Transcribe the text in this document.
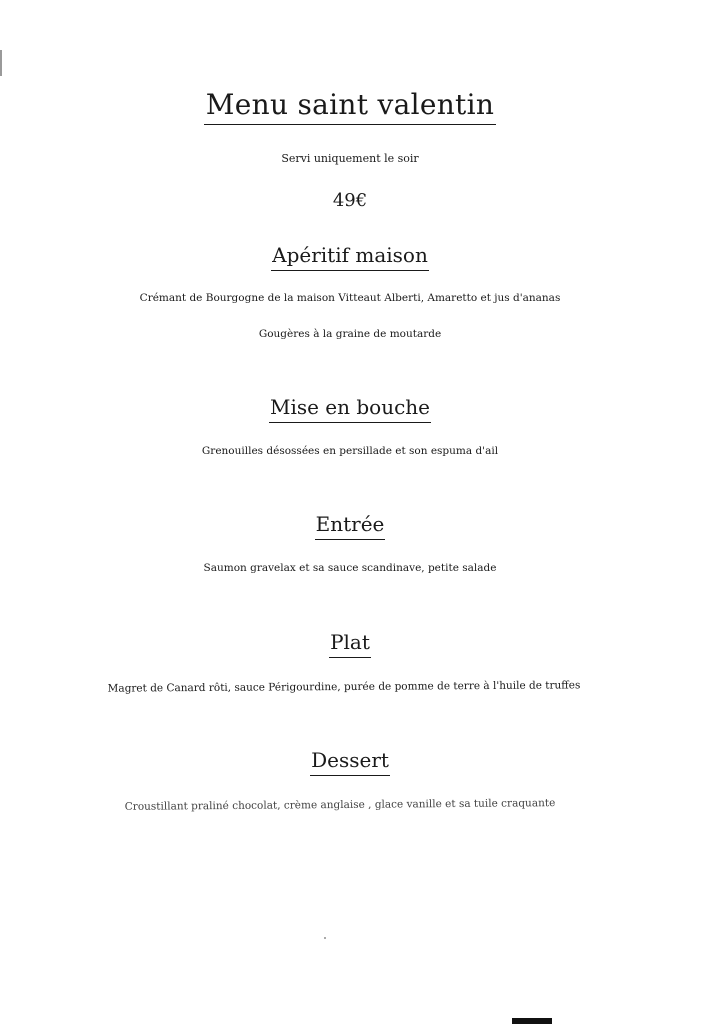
Menu saint valentin
Servi uniquement le soir
49€
Apéritif maison
Crémant de Bourgogne de la maison Vitteaut Alberti, Amaretto et jus d'ananas
Gougères à la graine de moutarde
Mise en bouche
Grenouilles désossées en persillade et son espuma d'ail
Entrée
Saumon gravelax et sa sauce scandinave, petite salade
Plat
Magret de Canard rôti, sauce Périgourdine, purée de pomme de terre à l'huile de truffes
Dessert
Croustillant praliné chocolat, crème anglaise , glace vanille et sa tuile craquante
